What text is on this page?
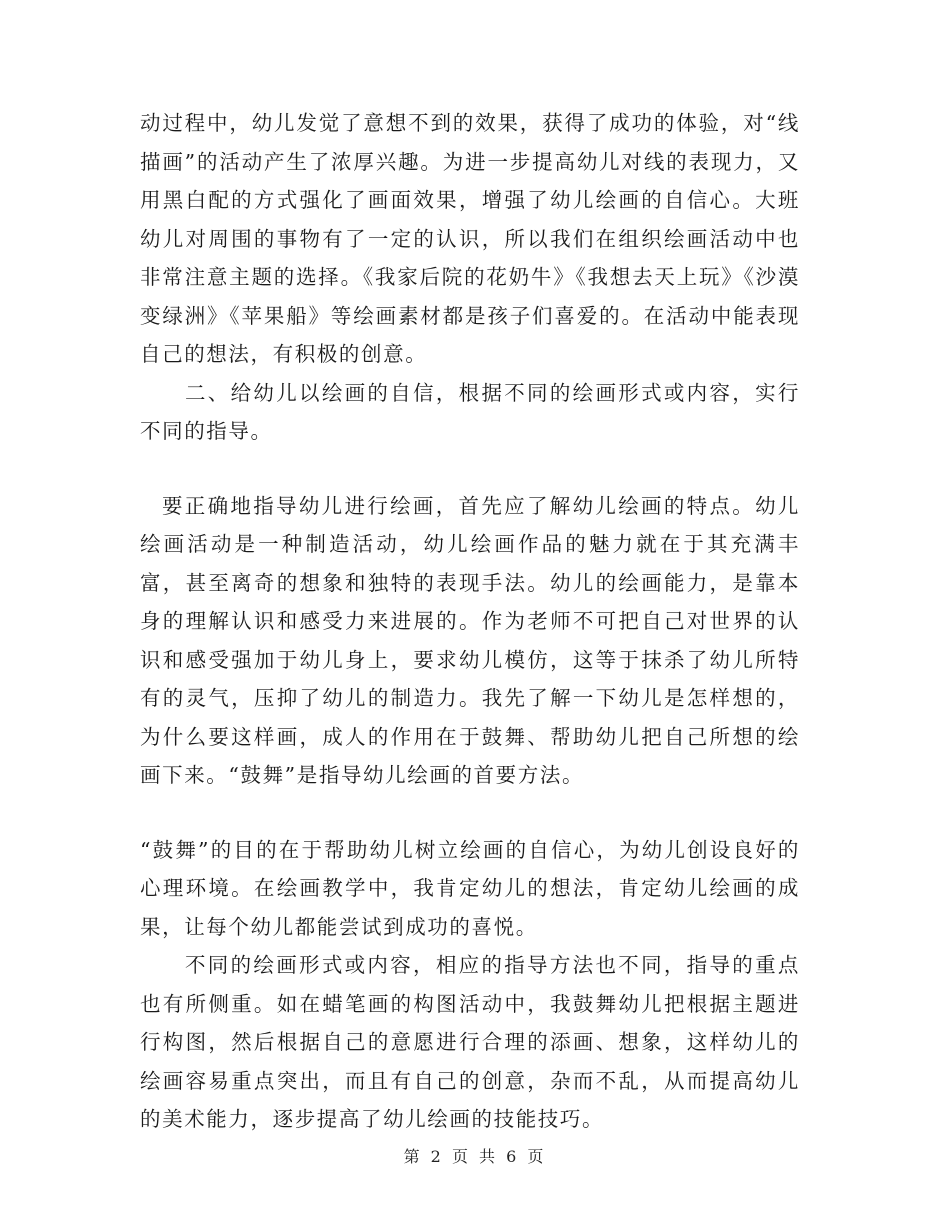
动过程中，幼儿发觉了意想不到的效果，获得了成功的体验，对“线描画”的活动产生了浓厚兴趣。为进一步提高幼儿对线的表现力，又用黑白配的方式强化了画面效果，增强了幼儿绘画的自信心。大班幼儿对周围的事物有了一定的认识，所以我们在组织绘画活动中也非常注意主题的选择。《我家后院的花奶牛》《我想去天上玩》《沙漠变绿洲》《苹果船》等绘画素材都是孩子们喜爱的。在活动中能表现自己的想法，有积极的创意。

二、给幼儿以绘画的自信，根据不同的绘画形式或内容，实行不同的指导。

要正确地指导幼儿进行绘画，首先应了解幼儿绘画的特点。幼儿绘画活动是一种制造活动，幼儿绘画作品的魅力就在于其充满丰富，甚至离奇的想象和独特的表现手法。幼儿的绘画能力，是靠本身的理解认识和感受力来进展的。作为老师不可把自己对世界的认识和感受强加于幼儿身上，要求幼儿模仿，这等于抹杀了幼儿所特有的灵气，压抑了幼儿的制造力。我先了解一下幼儿是怎样想的，为什么要这样画，成人的作用在于鼓舞、帮助幼儿把自己所想的绘画下来。“鼓舞”是指导幼儿绘画的首要方法。

“鼓舞”的目的在于帮助幼儿树立绘画的自信心，为幼儿创设良好的心理环境。在绘画教学中，我肯定幼儿的想法，肯定幼儿绘画的成果，让每个幼儿都能尝试到成功的喜悦。

不同的绘画形式或内容，相应的指导方法也不同，指导的重点也有所侧重。如在蜡笔画的构图活动中，我鼓舞幼儿把根据主题进行构图，然后根据自己的意愿进行合理的添画、想象，这样幼儿的绘画容易重点突出，而且有自己的创意，杂而不乱，从而提高幼儿的美术能力，逐步提高了幼儿绘画的技能技巧。

第 2 页 共 6 页
